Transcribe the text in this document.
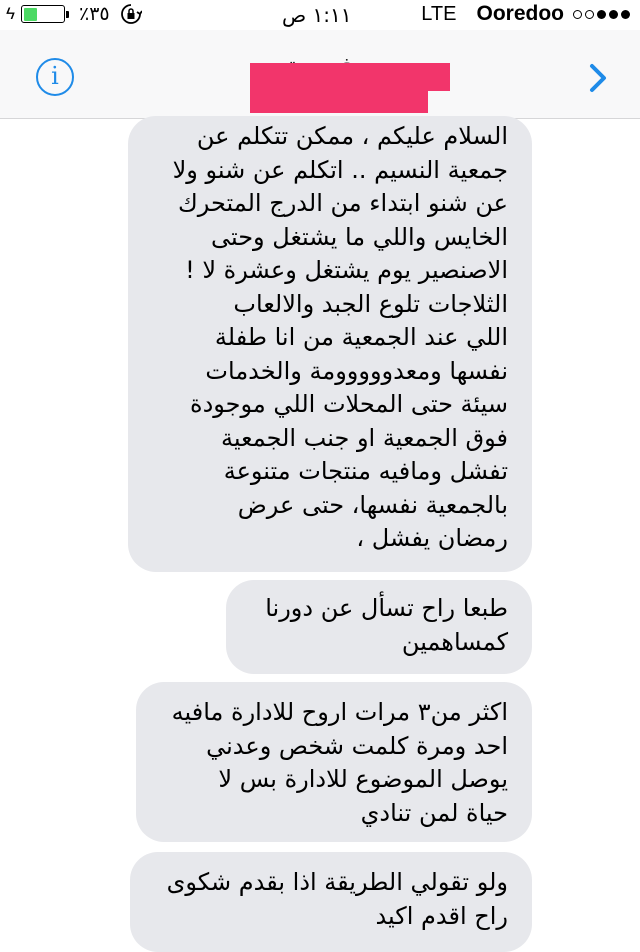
ϟ	٪٣٥	١:١١ ص	LTE Ooredoo
i
السلام عليكم ، ممكن تتكلم عن
جمعية النسيم .. اتكلم عن شنو ولا
عن شنو ابتداء من الدرج المتحرك
الخايس واللي ما يشتغل وحتى
الاصنصير يوم يشتغل وعشرة لا !
الثلاجات تلوع الجبد والالعاب
اللي عند الجمعية من انا طفلة
نفسها ومعدووووومة والخدمات
سيئة حتى المحلات اللي موجودة
فوق الجمعية او جنب الجمعية
تفشل ومافيه منتجات متنوعة
بالجمعية نفسها، حتى عرض
رمضان يفشل ،
طبعا راح تسأل عن دورنا
كمساهمين
اكثر من٣ مرات اروح للادارة مافيه
احد ومرة كلمت شخص وعدني
يوصل الموضوع للادارة بس لا
حياة لمن تنادي
ولو تقولي الطريقة اذا بقدم شكوى
راح اقدم اكيد
